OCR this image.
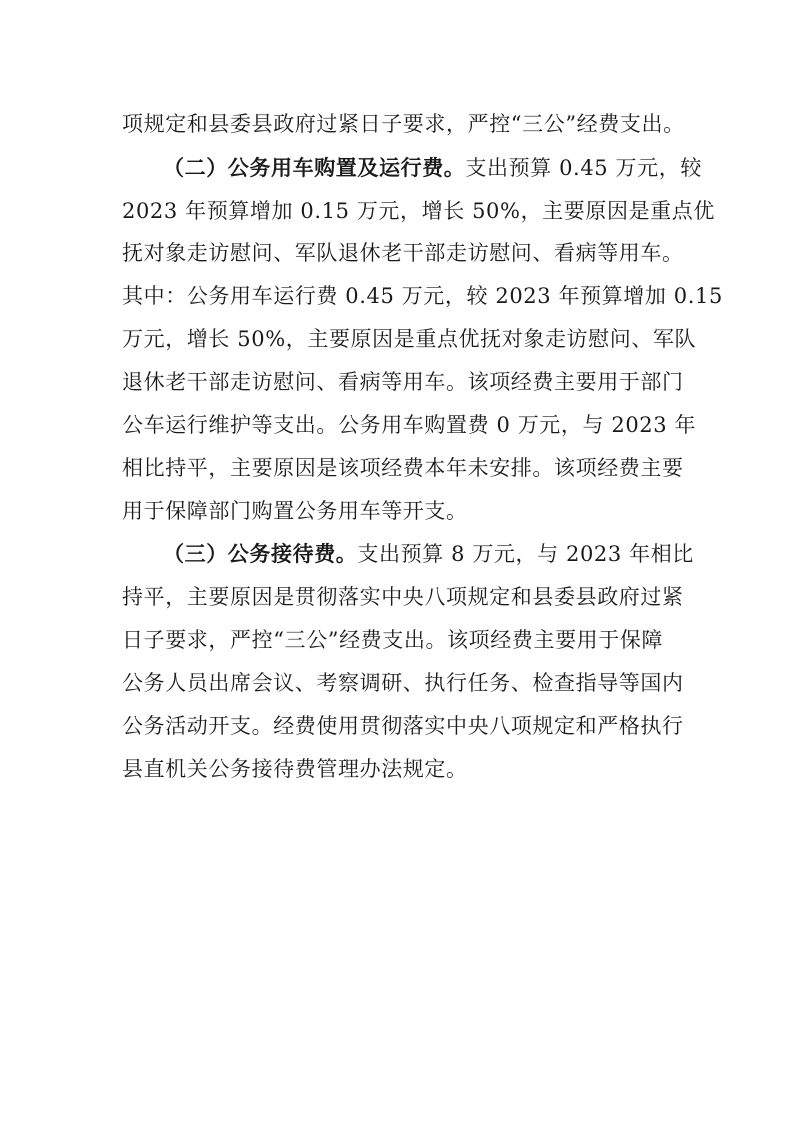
项规定和县委县政府过紧日子要求，严控“三公”经费支出。
（二）公务用车购置及运行费。支出预算 0.45 万元，较
2023 年预算增加 0.15 万元，增长 50%，主要原因是重点优
抚对象走访慰问、军队退休老干部走访慰问、看病等用车。
其中：公务用车运行费 0.45 万元，较 2023 年预算增加 0.15
万元，增长 50%，主要原因是重点优抚对象走访慰问、军队
退休老干部走访慰问、看病等用车。该项经费主要用于部门
公车运行维护等支出。公务用车购置费 0 万元，与 2023 年
相比持平，主要原因是该项经费本年未安排。该项经费主要
用于保障部门购置公务用车等开支。
（三）公务接待费。支出预算 8 万元，与 2023 年相比
持平，主要原因是贯彻落实中央八项规定和县委县政府过紧
日子要求，严控“三公”经费支出。该项经费主要用于保障
公务人员出席会议、考察调研、执行任务、检查指导等国内
公务活动开支。经费使用贯彻落实中央八项规定和严格执行
县直机关公务接待费管理办法规定。
